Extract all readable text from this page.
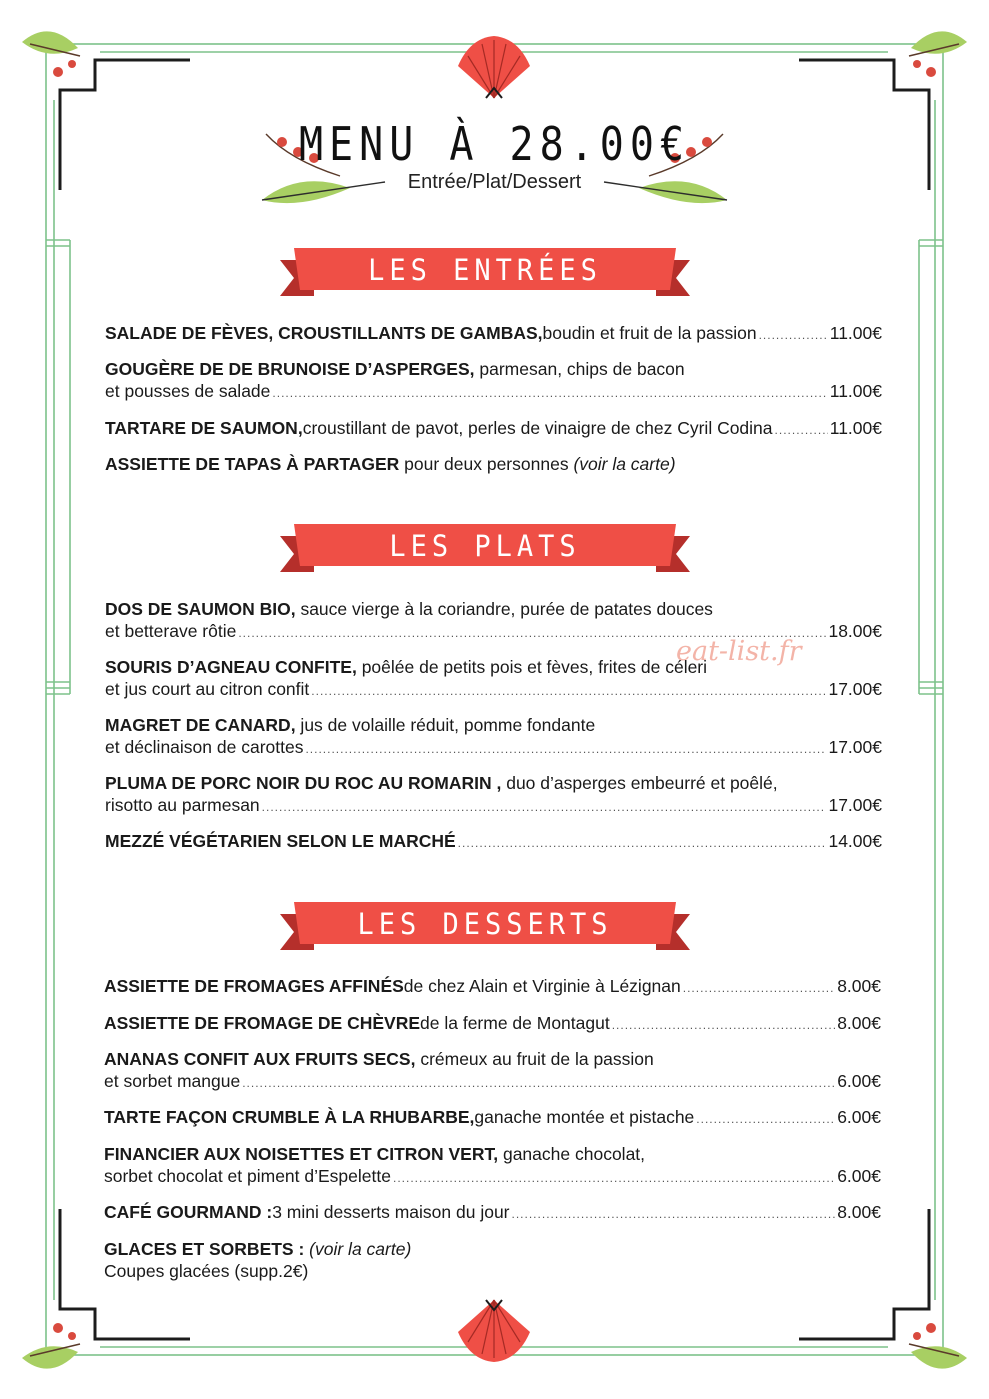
MENU À 28.00€
Entrée/Plat/Dessert
LES ENTRÉES
LES PLATS
LES DESSERTS
SALADE DE FÈVES, CROUSTILLANTS DE GAMBAS, boudin et fruit de la passion .....	11.00€
GOUGÈRE DE DE BRUNOISE D’ASPERGES, parmesan, chips de bacon
et pousses de salade .....	11.00€
TARTARE DE SAUMON, croustillant de pavot, perles de vinaigre de chez Cyril Codina .....	11.00€
ASSIETTE DE TAPAS À PARTAGER pour deux personnes (voir la carte)
DOS DE SAUMON BIO, sauce vierge à la coriandre, purée de patates douces
et betterave rôtie .....	18.00€
SOURIS D’AGNEAU CONFITE, poêlée de petits pois et fèves, frites de céleri
et jus court au citron confit .....	17.00€
MAGRET DE CANARD, jus de volaille réduit, pomme fondante
et déclinaison de carottes .....	17.00€
PLUMA DE PORC NOIR DU ROC AU ROMARIN , duo d’asperges embeurré et poêlé,
risotto au parmesan .....	17.00€
MEZZÉ VÉGÉTARIEN SELON LE MARCHÉ .....	14.00€
ASSIETTE DE FROMAGES AFFINÉS de chez Alain et Virginie à Lézignan .....	8.00€
ASSIETTE DE FROMAGE DE CHÈVRE de la ferme de Montagut .....	8.00€
ANANAS CONFIT AUX FRUITS SECS, crémeux au fruit de la passion
et sorbet mangue .....	6.00€
TARTE FAÇON CRUMBLE À LA RHUBARBE, ganache montée et pistache .....	6.00€
FINANCIER AUX NOISETTES ET CITRON VERT, ganache chocolat,
sorbet chocolat et piment d’Espelette .....	6.00€
CAFÉ GOURMAND : 3 mini desserts maison du jour .....	8.00€
GLACES ET SORBETS : (voir la carte)
Coupes glacées (supp.2€)
eat-list.fr
